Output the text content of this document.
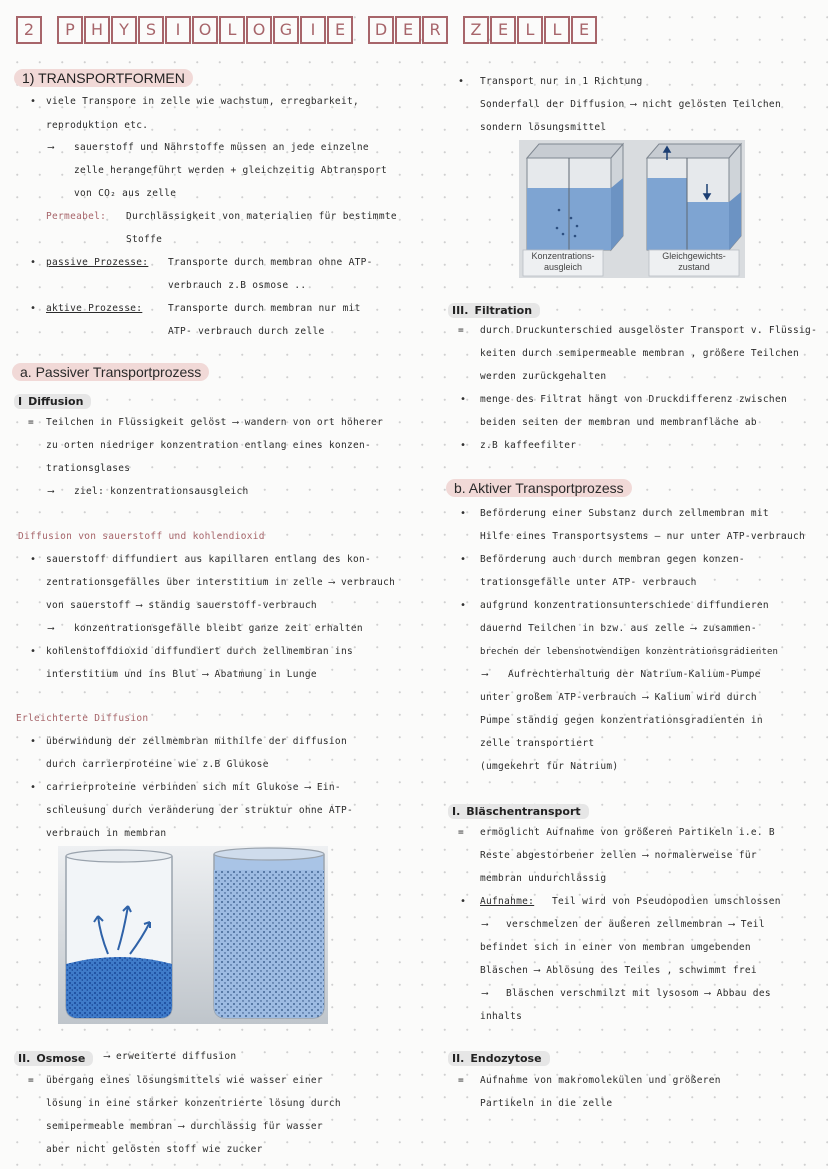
2	P H Y S I O L O G I E	D E R	Z E L L E
1) TRANSPORTFORMEN
• viele Transpore in zelle wie wachstum, erregbarkeit,
reproduktion etc.
⟶ sauerstoff und Nährstoffe müssen an jede einzelne
zelle herangeführt werden + gleichzeitig Abtransport
von CO₂ aus zelle
Permeabel: Durchlässigkeit von materialien für bestimmte
Stoffe
• passive Prozesse: Transporte durch membran ohne ATP-
verbrauch z.B osmose ..
• aktive Prozesse:	Transporte durch membran nur mit
ATP- verbrauch durch zelle
a. Passiver Transportprozess
I Diffusion
= Teilchen in Flüssigkeit gelöst ⟶ wandern von ort höherer
zu orten niedriger konzentration entlang eines konzen-
trationsglases
⟶ ziel: konzentrationsausgleich
Diffusion von sauerstoff und kohlendioxid
• sauerstoff diffundiert aus kapillaren entlang des kon-
zentrationsgefälles über interstitium in zelle ⟶ verbrauch
von sauerstoff ⟶ ständig sauerstoff-verbrauch
⟶ konzentrationsgefälle bleibt ganze zeit erhalten
• kohlenstoffdioxid diffundiert durch zellmembran ins
interstitium und ins Blut ⟶ Abatmung in Lunge
Erleichterte Diffusion
• überwindung der zellmembran mithilfe der diffusion
durch carrierproteine wie z.B Glukose
• carrierproteine verbinden sich mit Glukose ⟶ Ein-
schleusung durch veränderung der struktur ohne ATP-
verbrauch in membran
II. Osmose	⟶ erweiterte diffusion
= übergang eines lösungsmittels wie wasser einer
lösung in eine stärker konzentrierte lösung durch
semipermeable membran ⟶ durchlässig für wasser
aber nicht gelösten stoff wie zucker
• Transport nur in 1 Richtung
Sonderfall der Diffusion ⟶ nicht gelösten Teilchen
sondern lösungsmittel
Konzentrations-
ausgleich
Gleichgewichts-
zustand
III. Filtration
= durch Druckunterschied ausgelöster Transport v. Flüssig-
keiten durch semipermeable membran , größere Teilchen
werden zurückgehalten
• menge des Filtrat hängt von Druckdifferenz zwischen
beiden seiten der membran und membranfläche ab
• z.B kaffeefilter
b. Aktiver Transportprozess
• Beförderung einer Substanz durch zellmembran mit
Hilfe eines Transportsystems – nur unter ATP-verbrauch
• Beförderung auch durch membran gegen konzen-
trationsgefälle unter ATP- verbrauch
• aufgrund konzentrationsunterschiede diffundieren
dauernd Teilchen in bzw. aus zelle ⟶ zusammen-
brechen der lebensnotwendigen konzentrationsgradienten
⟶ Aufrechterhaltung der Natrium-Kalium-Pumpe
unter großem ATP-verbrauch ⟶ Kalium wird durch
Pumpe ständig gegen konzentrationsgradienten in
zelle transportiert
(umgekehrt für Natrium)
I. Bläschentransport
= ermöglicht Aufnahme von größeren Partikeln i.e. B
Reste abgestorbener zellen ⟶ normalerweise für
membran undurchlässig
• Aufnahme: Teil wird von Pseudopodien umschlossen
⟶ verschmelzen der äußeren zellmembran ⟶ Teil
befindet sich in einer von membran umgebenden
Bläschen ⟶ Ablösung des Teiles , schwimmt frei
⟶ Bläschen verschmilzt mit lysosom ⟶ Abbau des
inhalts
II. Endozytose
= Aufnahme von makromolekülen und größeren
Partikeln in die zelle
